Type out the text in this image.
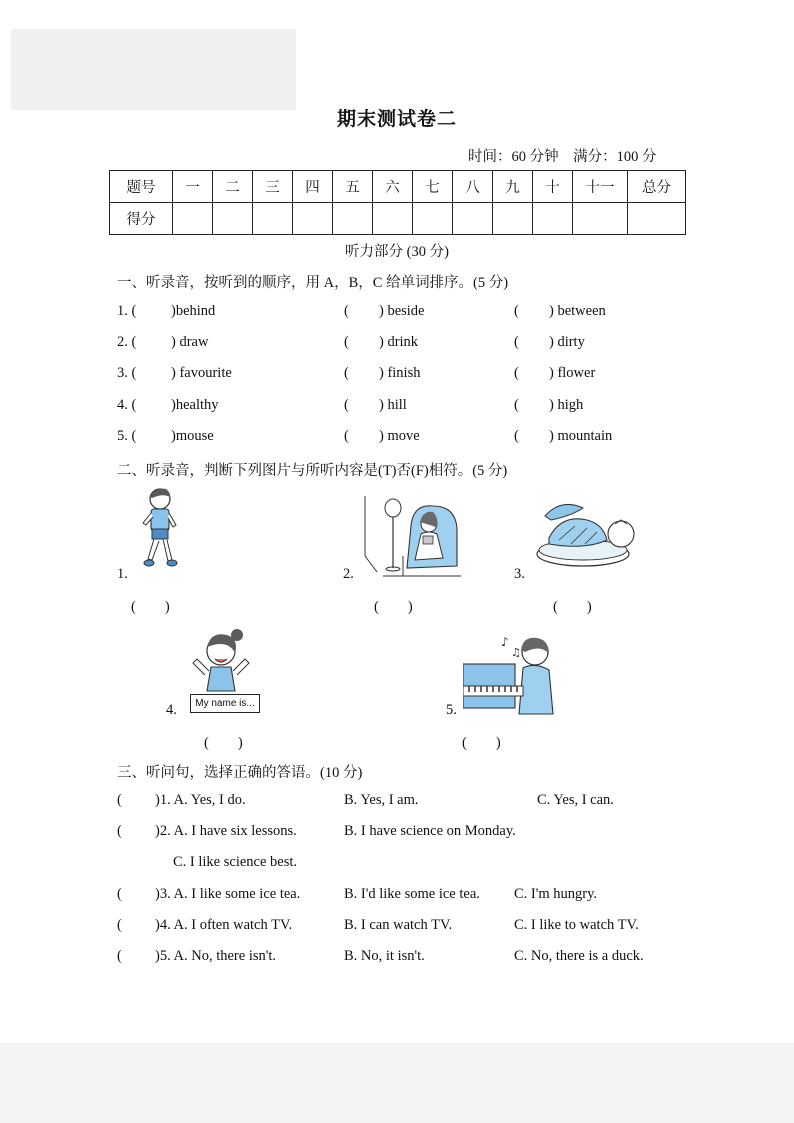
期末测试卷二
时间：60 分钟　满分：100 分
题号	一	二	三	四	五	六	七	八	九	十	十一	总分
得分												
听力部分 (30 分)
一、听录音，按听到的顺序，用 A，B，C 给单词排序。(5 分)
1. ( )behind	( ) beside	( ) between
2. ( ) draw	( ) drink	( ) dirty
3. ( ) favourite	( ) finish	( ) flower
4. ( )healthy	( ) hill	( ) high
5. ( )mouse	( ) move	( ) mountain
二、听录音，判断下列图片与所听内容是(T)否(F)相符。(5 分)
1.
(　　)
2.
(　　)
3.
(　　)
My name is...
4.
(　　)
♪
♫
5.
(　　)
三、听问句，选择正确的答语。(10 分)
( )1. A. Yes, I do.	B. Yes, I am.	C. Yes, I can.
( )2. A. I have six lessons.	B. I have science on Monday.
C. I like science best.
( )3. A. I like some ice tea.	B. I'd like some ice tea. C. I'm hungry.
( )4. A. I often watch TV.	B. I can watch TV.	C. I like to watch TV.
( )5. A. No, there isn't.	B. No, it isn't.	C. No, there is a duck.
